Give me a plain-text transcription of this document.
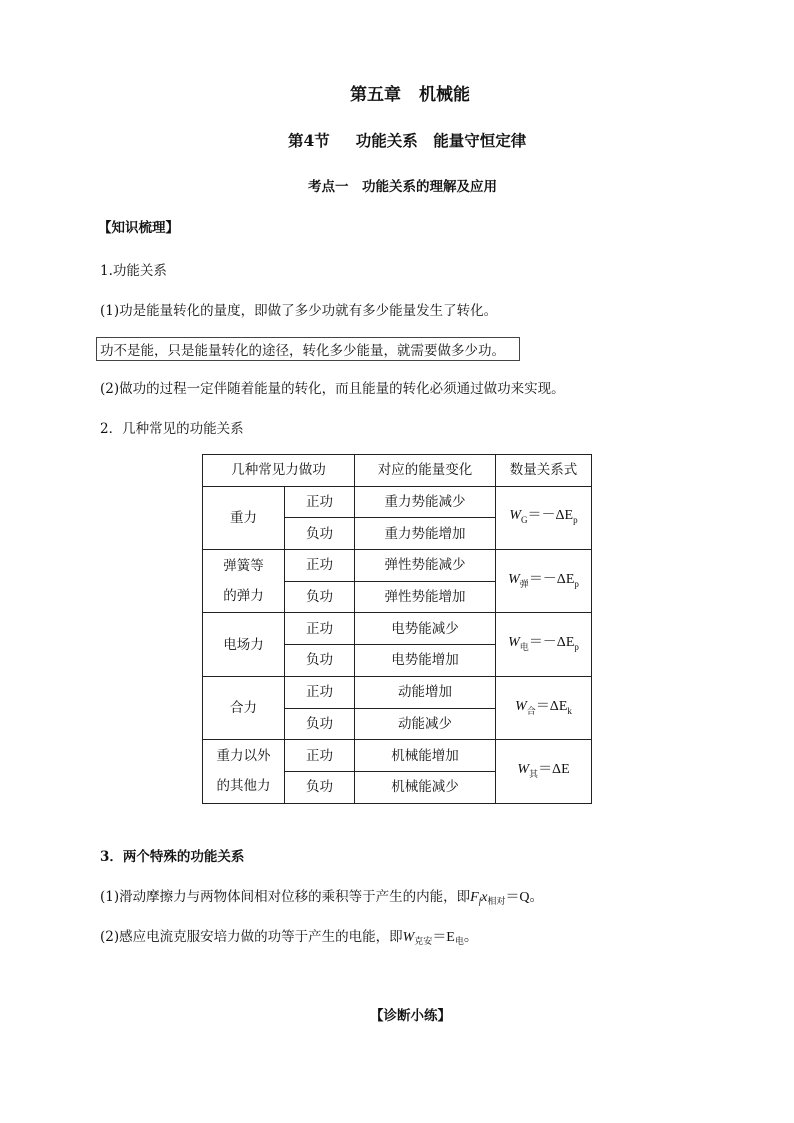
第五章 机械能
第4节 功能关系　能量守恒定律
考点一　功能关系的理解及应用
【知识梳理】
1.功能关系
(1)功是能量转化的量度，即做了多少功就有多少能量发生了转化。
功不是能，只是能量转化的途径，转化多少能量，就需要做多少功。
(2)做功的过程一定伴随着能量的转化，而且能量的转化必须通过做功来实现。
2．几种常见的功能关系
几种常见力做功		对应的能量变化	数量关系式
重力	正功	重力势能减少	$W_G=-\Delta E_p$
	负功	重力势能增加	
弹簧等
的弹力	正功	弹性势能减少	$W_弹=-\Delta E_p$
	负功	弹性势能增加	
电场力	正功	电势能减少	$W_电=-\Delta E_p$
	负功	电势能增加	
合力	正功	动能增加	$W_合=\Delta E_k$
	负功	动能减少	
重力以外
的其他力	正功	机械能增加	$W_其=\Delta E$
	负功	机械能减少	
3．两个特殊的功能关系
(1)滑动摩擦力与两物体间相对位移的乘积等于产生的内能，即$F_fx_{相对}=Q$。
(2)感应电流克服安培力做的功等于产生的电能，即$W_{克安}=E_电$。
【诊断小练】
